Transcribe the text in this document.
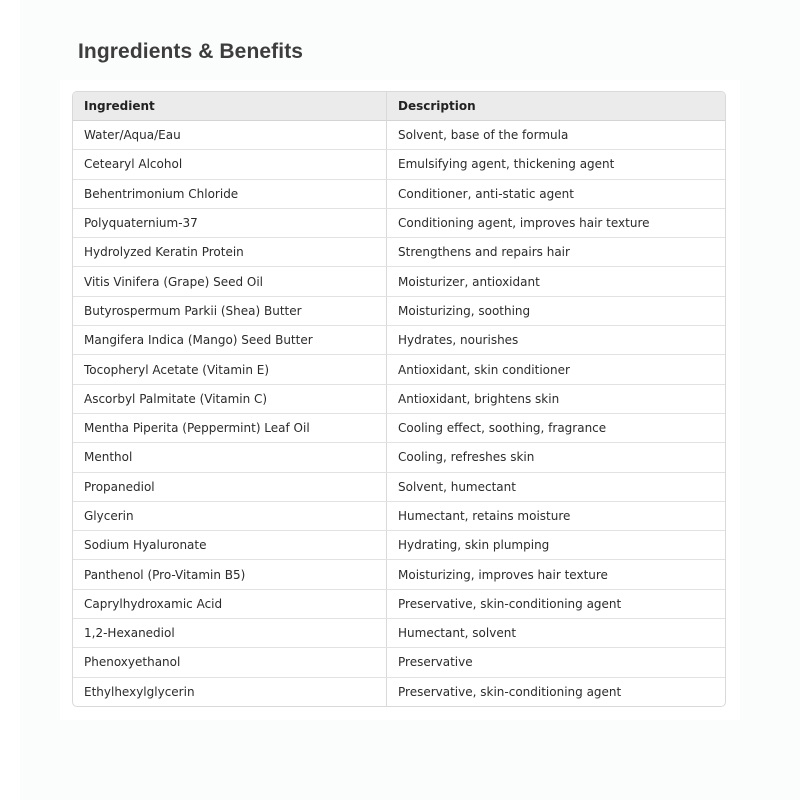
Ingredients & Benefits
Ingredient	Description
Water/Aqua/Eau	Solvent, base of the formula
Cetearyl Alcohol	Emulsifying agent, thickening agent
Behentrimonium Chloride	Conditioner, anti-static agent
Polyquaternium-37	Conditioning agent, improves hair texture
Hydrolyzed Keratin Protein	Strengthens and repairs hair
Vitis Vinifera (Grape) Seed Oil	Moisturizer, antioxidant
Butyrospermum Parkii (Shea) Butter	Moisturizing, soothing
Mangifera Indica (Mango) Seed Butter	Hydrates, nourishes
Tocopheryl Acetate (Vitamin E)	Antioxidant, skin conditioner
Ascorbyl Palmitate (Vitamin C)	Antioxidant, brightens skin
Mentha Piperita (Peppermint) Leaf Oil	Cooling effect, soothing, fragrance
Menthol	Cooling, refreshes skin
Propanediol	Solvent, humectant
Glycerin	Humectant, retains moisture
Sodium Hyaluronate	Hydrating, skin plumping
Panthenol (Pro-Vitamin B5)	Moisturizing, improves hair texture
Caprylhydroxamic Acid	Preservative, skin-conditioning agent
1,2-Hexanediol	Humectant, solvent
Phenoxyethanol	Preservative
Ethylhexylglycerin	Preservative, skin-conditioning agent
